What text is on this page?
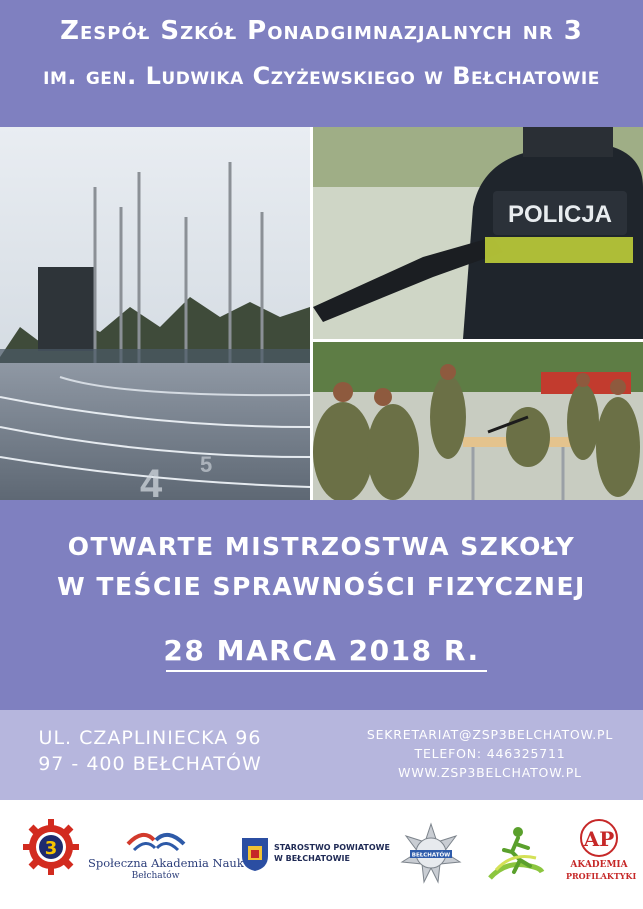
Zespół Szkół Ponadgimnazjalnych nr 3
im. gen. Ludwika Czyżewskiego w Bełchatowie
4 5
POLICJA
OTWARTE MISTRZOSTWA SZKOŁY
W TEŚCIE SPRAWNOŚCI FIZYCZNEJ
28 MARCA 2018 R.
UL. CZAPLINIECKA 96
97 - 400 BEŁCHATÓW
SEKRETARIAT@ZSP3BELCHATOW.PL
TELEFON: 446325711
WWW.ZSP3BELCHATOW.PL
3
Społeczna Akademia Nauk
Bełchatów
STAROSTWO POWIATOWE
W BEŁCHATOWIE	BEŁCHATÓW
AP
AKADEMIA
PROFILAKTYKI
